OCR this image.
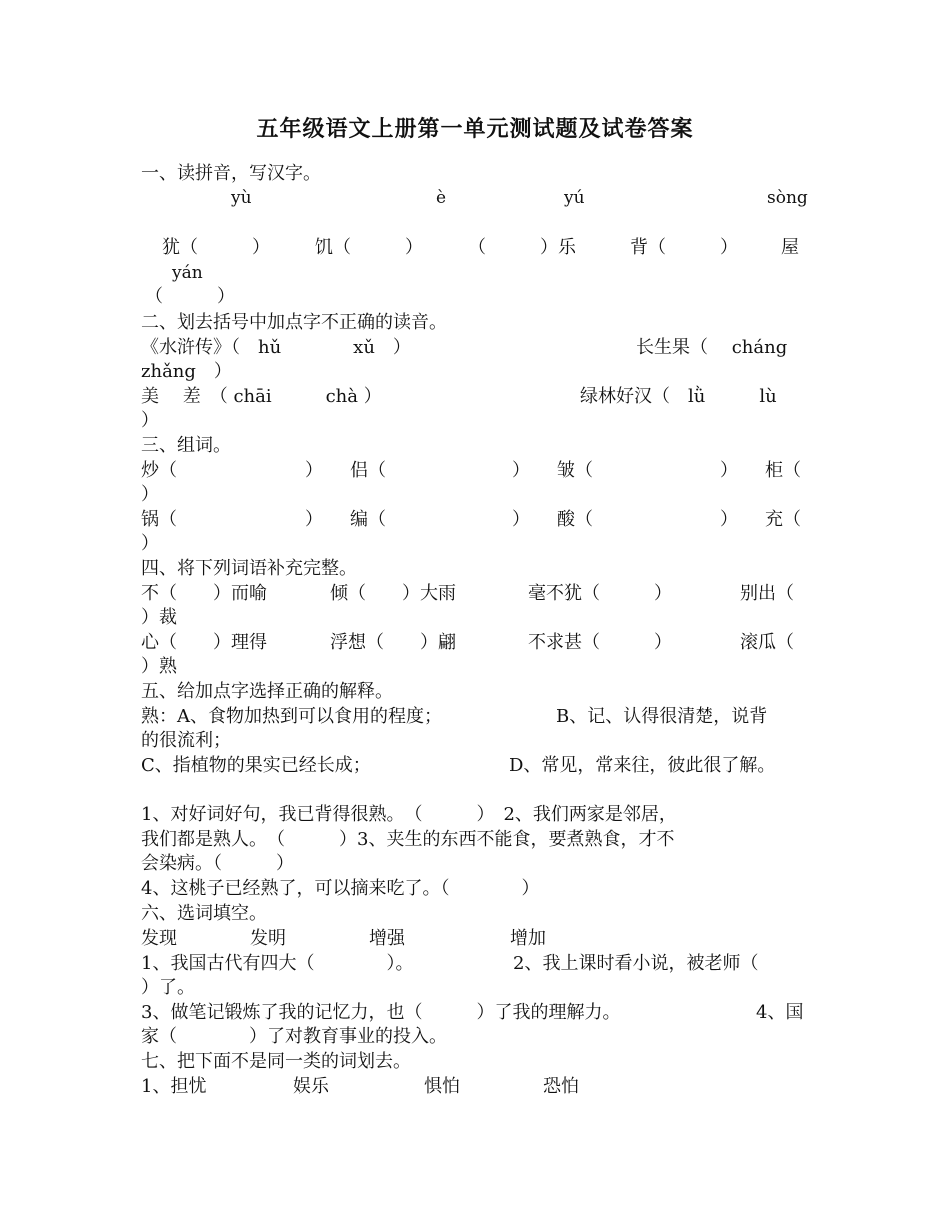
五年级语文上册第一单元测试题及试卷答案
一、读拼音，写汉字。
yù	è	yú	sòng
犹（　　　）	饥（　　　）	（　　　）乐	背（　　　） 屋
yán
（　　　）
二、划去括号中加点字不正确的读音。
《水浒传》（　hǔ　　　　xǔ　）	长生果（　 cháng
zhǎng　）
美　 差　（ chāi　　　chà ）	绿林好汉（　lǜ　　　lù
）
三、组词。
炒（	） 侣（	） 皱（	） 柜（
）
锅（	） 编（	） 酸（	） 充（
）
四、将下列词语补充完整。
不（　　）而喻	倾（　　）大雨	毫不犹（　　　）	别出（
）裁
心（　　）理得	浮想（　　）翩	不求甚（　　　）	滚瓜（
）熟
五、给加点字选择正确的解释。
熟：A、食物加热到可以食用的程度；	B、记、认得很清楚，说背
的很流利；
C、指植物的果实已经长成；	D、常见，常来往，彼此很了解。
1、对好词好句，我已背得很熟。　（　　　）　2、我们两家是邻居，
我们都是熟人。　（　　　）3、夹生的东西不能食，要煮熟食，才不
会染病。（　　　）
4、这桃子已经熟了，可以摘来吃了。（　　　　）
六、选词填空。
发现	发明	增强	增加
1、我国古代有四大（　　　　）。	2、我上课时看小说，被老师（
）了。
3、做笔记锻炼了我的记忆力，也（　　　）了我的理解力。	4、国
家（　　　　）了对教育事业的投入。
七、把下面不是同一类的词划去。
1、担忧	娱乐	惧怕	恐怕
